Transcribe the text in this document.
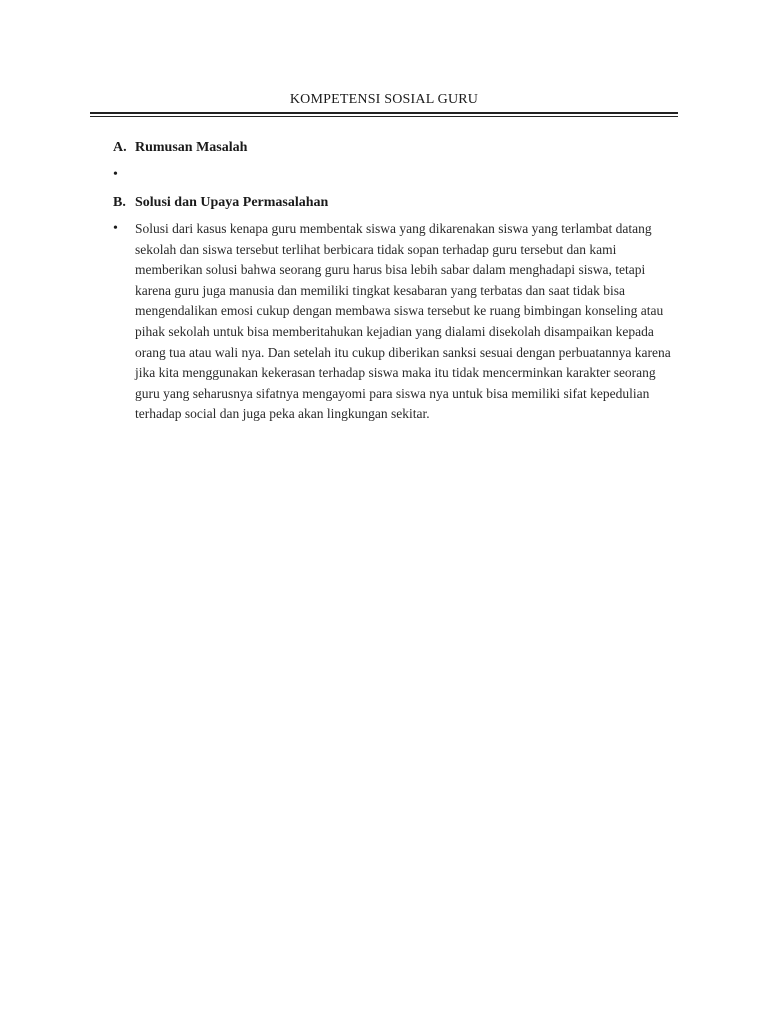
KOMPETENSI SOSIAL GURU
A. Rumusan Masalah
•
B. Solusi dan Upaya Permasalahan
• Solusi dari kasus kenapa guru membentak siswa yang dikarenakan siswa yang terlambat datang sekolah dan siswa tersebut terlihat berbicara tidak sopan terhadap guru tersebut dan kami memberikan solusi bahwa seorang guru harus bisa lebih sabar dalam menghadapi siswa, tetapi karena guru juga manusia dan memiliki tingkat kesabaran yang terbatas dan saat tidak bisa mengendalikan emosi cukup dengan membawa siswa tersebut ke ruang bimbingan konseling atau pihak sekolah untuk bisa memberitahukan kejadian yang dialami disekolah disampaikan kepada orang tua atau wali nya. Dan setelah itu cukup diberikan sanksi sesuai dengan perbuatannya karena jika kita menggunakan kekerasan terhadap siswa maka itu tidak mencerminkan karakter seorang guru yang seharusnya sifatnya mengayomi para siswa nya untuk bisa memiliki sifat kepedulian terhadap social dan juga peka akan lingkungan sekitar.
